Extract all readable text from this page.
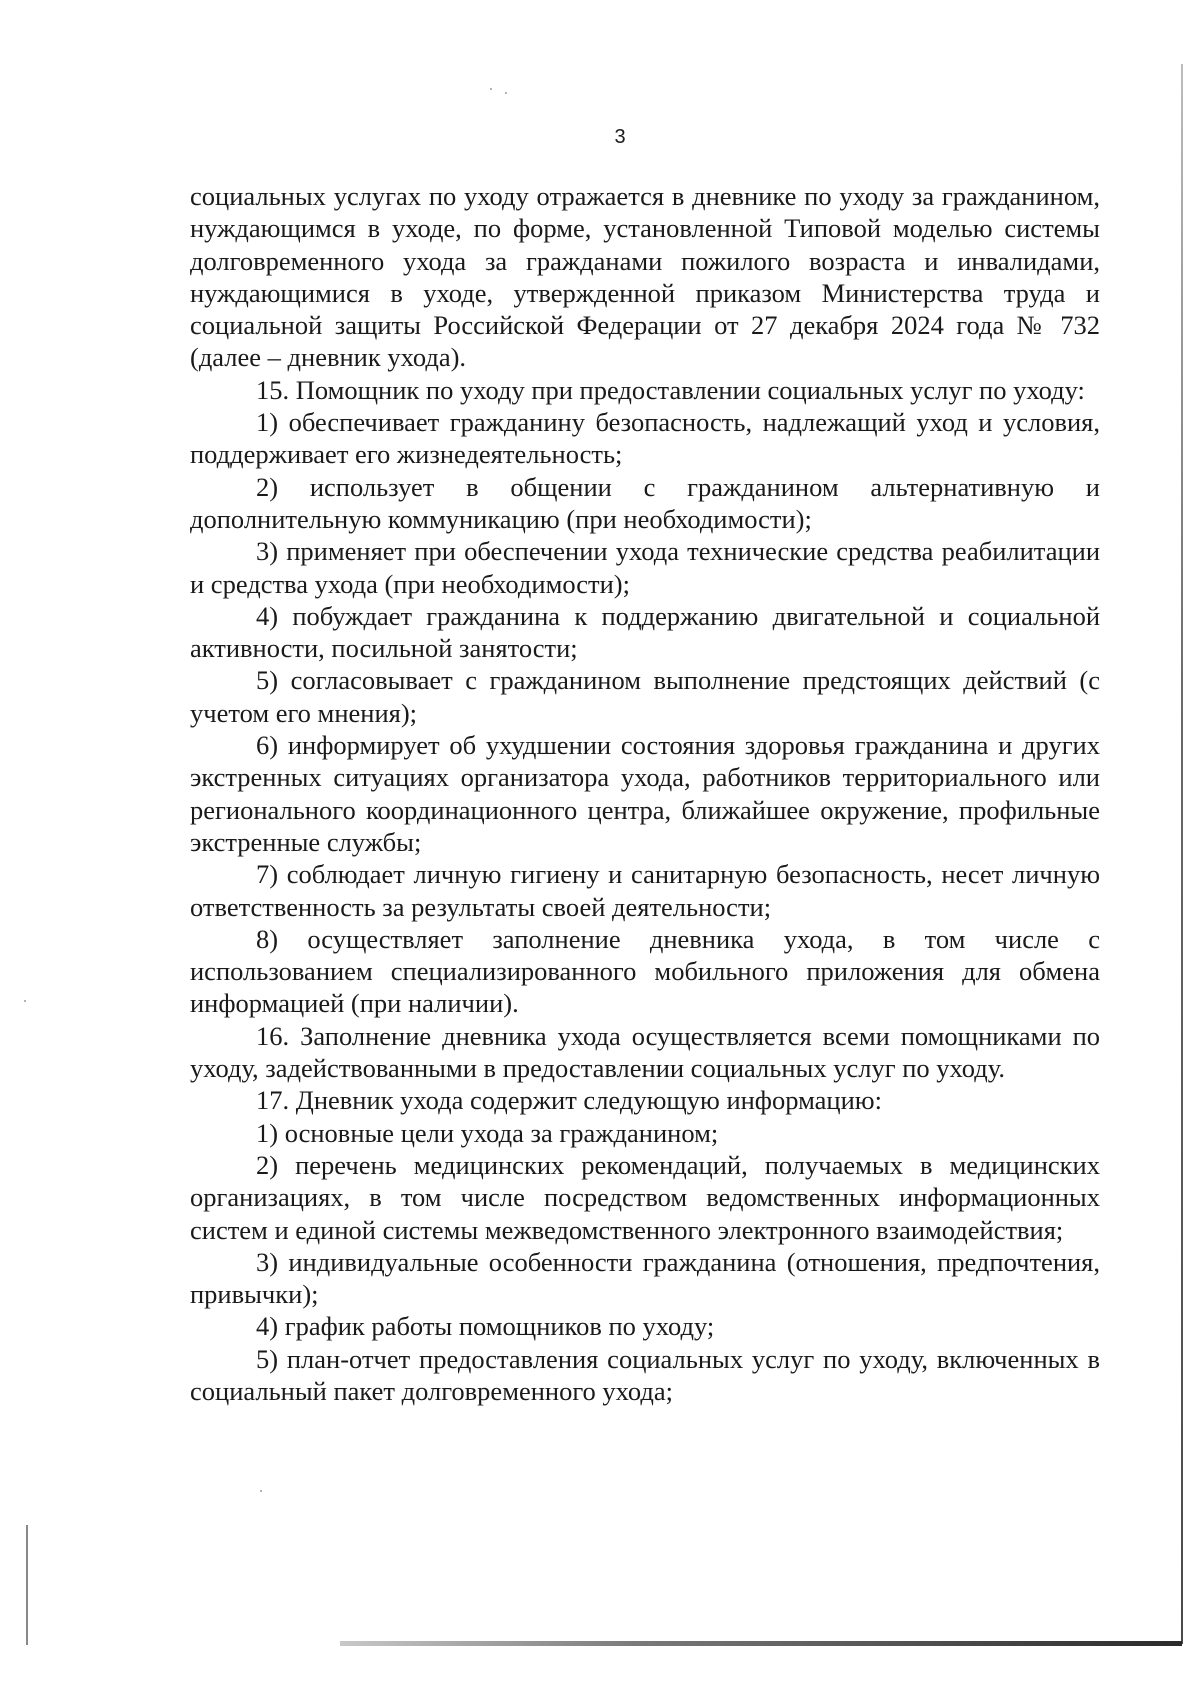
3

социальных услугах по уходу отражается в дневнике по уходу за гражданином, нуждающимся в уходе, по форме, установленной Типовой моделью системы долговременного ухода за гражданами пожилого возраста и инвалидами, нуждающимися в уходе, утвержденной приказом Министерства труда и социальной защиты Российской Федерации от 27 декабря 2024 года № 732 (далее – дневник ухода).

15. Помощник по уходу при предоставлении социальных услуг по уходу:

1) обеспечивает гражданину безопасность, надлежащий уход и условия, поддерживает его жизнедеятельность;

2) использует в общении с гражданином альтернативную и дополнительную коммуникацию (при необходимости);

3) применяет при обеспечении ухода технические средства реабилитации и средства ухода (при необходимости);

4) побуждает гражданина к поддержанию двигательной и социальной активности, посильной занятости;

5) согласовывает с гражданином выполнение предстоящих действий (с учетом его мнения);

6) информирует об ухудшении состояния здоровья гражданина и других экстренных ситуациях организатора ухода, работников территориального или регионального координационного центра, ближайшее окружение, профильные экстренные службы;

7) соблюдает личную гигиену и санитарную безопасность, несет личную ответственность за результаты своей деятельности;

8) осуществляет заполнение дневника ухода, в том числе с использованием специализированного мобильного приложения для обмена информацией (при наличии).

16. Заполнение дневника ухода осуществляется всеми помощниками по уходу, задействованными в предоставлении социальных услуг по уходу.

17. Дневник ухода содержит следующую информацию:

1) основные цели ухода за гражданином;

2) перечень медицинских рекомендаций, получаемых в медицинских организациях, в том числе посредством ведомственных информационных систем и единой системы межведомственного электронного взаимодействия;

3) индивидуальные особенности гражданина (отношения, предпочтения, привычки);

4) график работы помощников по уходу;

5) план-отчет предоставления социальных услуг по уходу, включенных в социальный пакет долговременного ухода;
